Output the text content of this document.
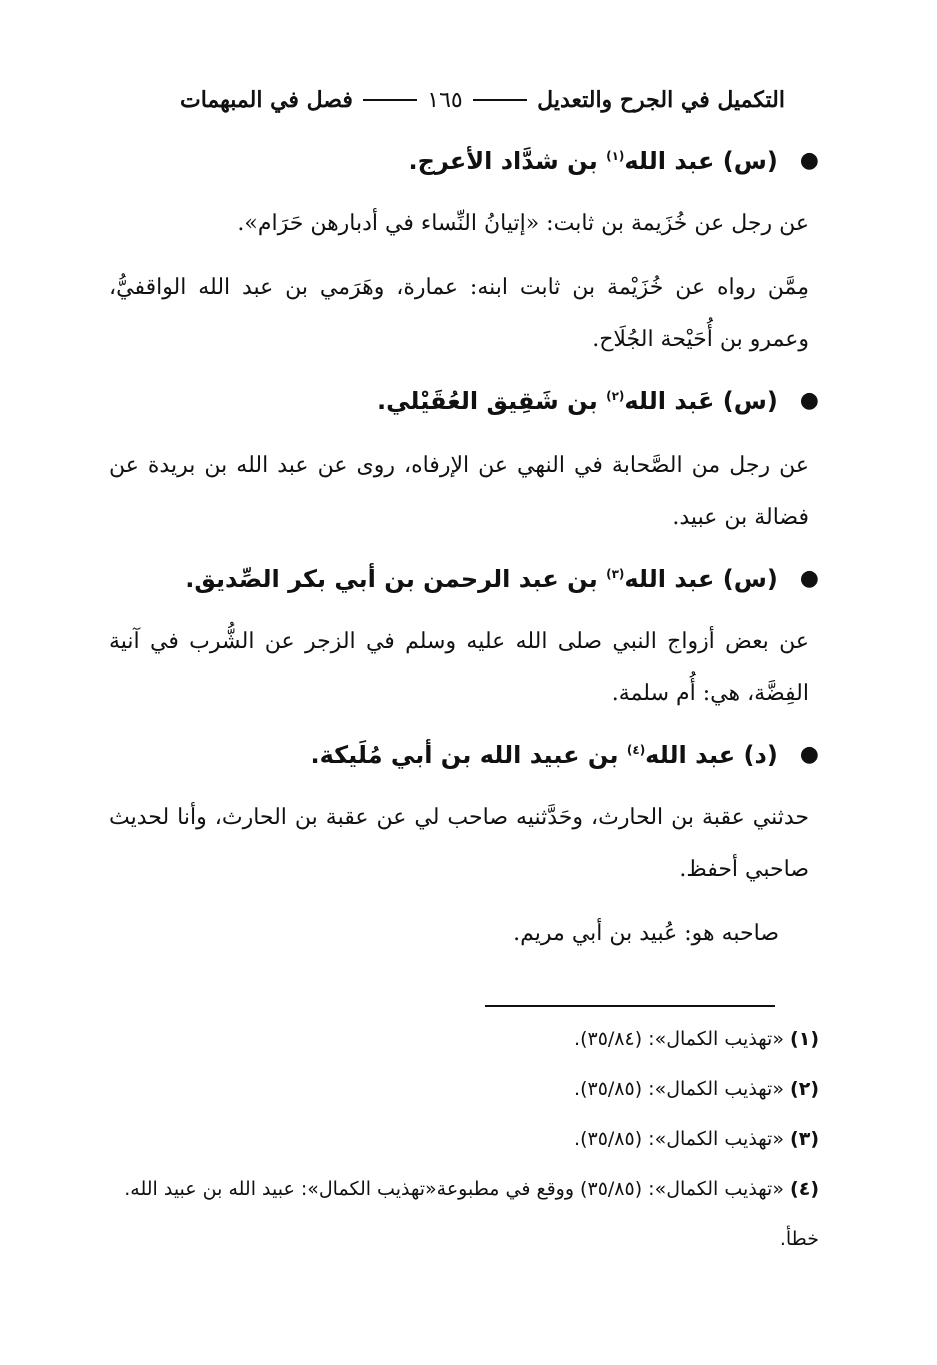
التكميل في الجرح والتعديل
١٦٥
فصل في المبهمات
●
(س) عبد الله$^{(١)}$ بن شدَّاد الأعرج.
عن رجل عن خُزَيمة بن ثابت: «إتيانُ النِّساء في أدبارهن حَرَام».
مِمَّن رواه عن خُزَيْمة بن ثابت ابنه: عمارة، وهَرَمي بن عبد الله الواقفيُّ، وعمرو بن أُحَيْحة الجُلَاح.
●
(س) عَبد الله$^{(٢)}$ بن شَقِيق العُقَيْلي.
عن رجل من الصَّحابة في النهي عن الإرفاه، روى عن عبد الله بن بريدة عن فضالة بن عبيد.
●
(س) عبد الله$^{(٣)}$ بن عبد الرحمن بن أبي بكر الصِّديق.
عن بعض أزواج النبي صلى الله عليه وسلم في الزجر عن الشُّرب في آنية الفِضَّة، هي: أُم سلمة.
●
(د) عبد الله$^{(٤)}$ بن عبيد الله بن أبي مُلَيكة.
حدثني عقبة بن الحارث، وحَدَّثنيه صاحب لي عن عقبة بن الحارث، وأنا لحديث صاحبي أحفظ.
صاحبه هو: عُبيد بن أبي مريم.
(١) «تهذيب الكمال»: (٣٥/٨٤).
(٢) «تهذيب الكمال»: (٣٥/٨٥).
(٣) «تهذيب الكمال»: (٣٥/٨٥).
(٤) «تهذيب الكمال»: (٣٥/٨٥) ووقع في مطبوعة«تهذيب الكمال»: عبيد الله بن عبيد الله. خطأ.
